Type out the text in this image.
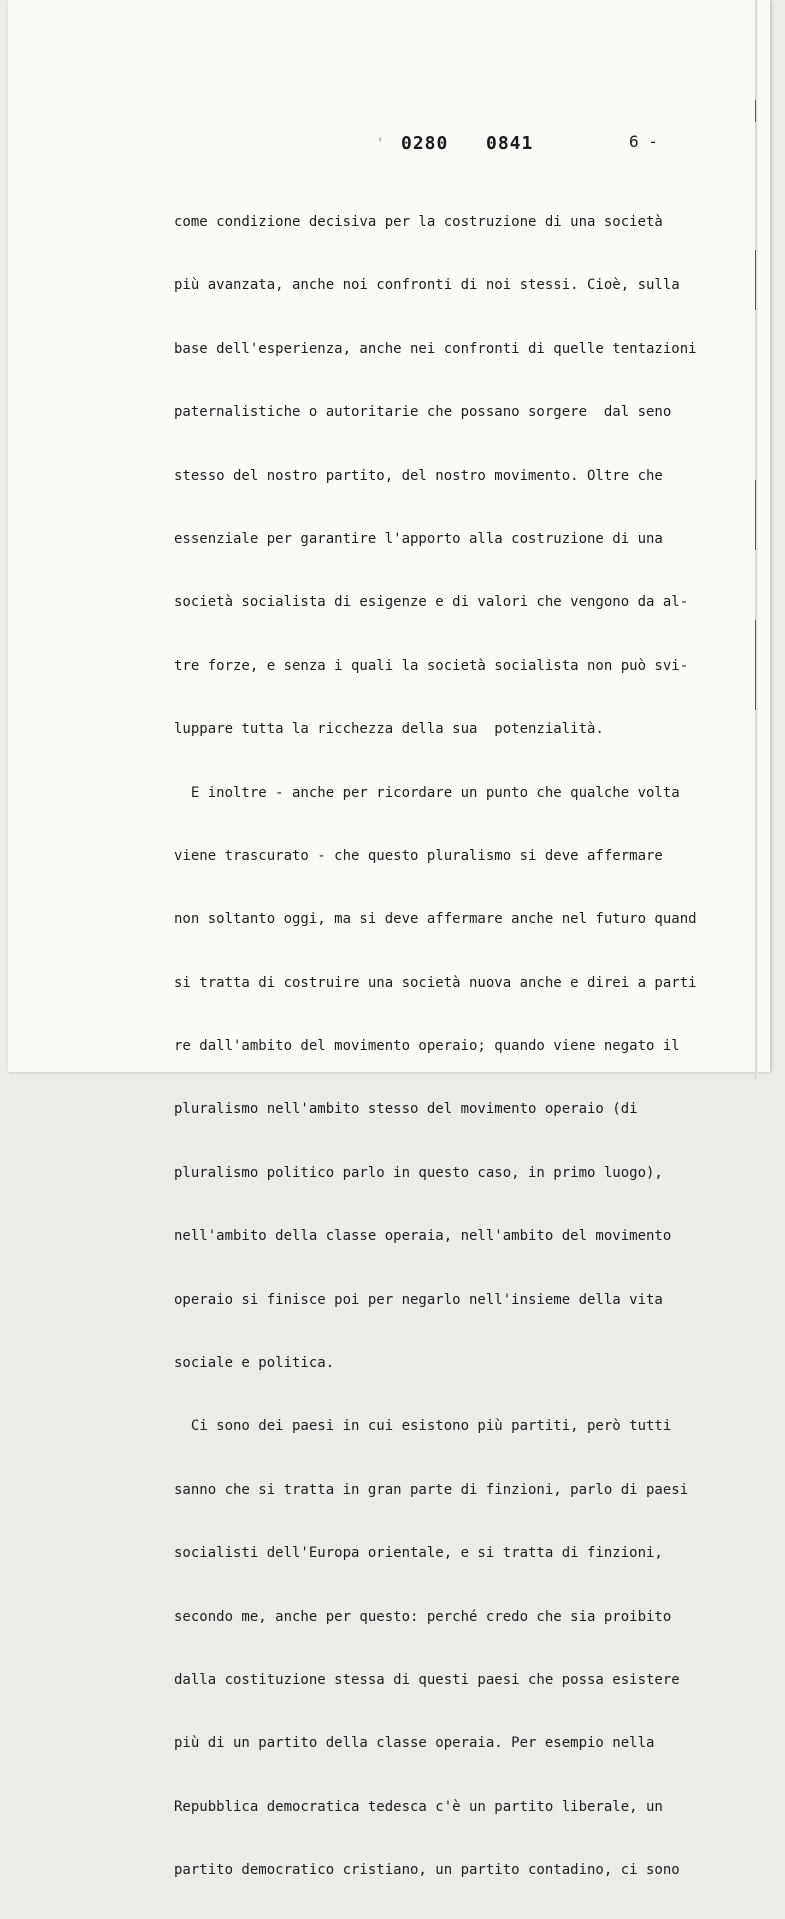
' 0280 0841	6 -

come condizione decisiva per la costruzione di una società

più avanzata, anche noi confronti di noi stessi. Cioè, sulla

base dell'esperienza, anche nei confronti di quelle tentazioni

paternalistiche o autoritarie che possano sorgere  dal seno

stesso del nostro partito, del nostro movimento. Oltre che

essenziale per garantire l'apporto alla costruzione di una

società socialista di esigenze e di valori che vengono da al-

tre forze, e senza i quali la società socialista non può svi-

luppare tutta la ricchezza della sua  potenzialità.

E inoltre - anche per ricordare un punto che qualche volta

viene trascurato - che questo pluralismo si deve affermare

non soltanto oggi, ma si deve affermare anche nel futuro quand

si tratta di costruire una società nuova anche e direi a parti

re dall'ambito del movimento operaio; quando viene negato il

pluralismo nell'ambito stesso del movimento operaio (di

pluralismo politico parlo in questo caso, in primo luogo),

nell'ambito della classe operaia, nell'ambito del movimento

operaio si finisce poi per negarlo nell'insieme della vita

sociale e politica.

Ci sono dei paesi in cui esistono più partiti, però tutti

sanno che si tratta in gran parte di finzioni, parlo di paesi

socialisti dell'Europa orientale, e si tratta di finzioni,

secondo me, anche per questo: perché credo che sia proibito

dalla costituzione stessa di questi paesi che possa esistere

più di un partito della classe operaia. Per esempio nella

Repubblica democratica tedesca c'è un partito liberale, un

partito democratico cristiano, un partito contadino, ci sono
